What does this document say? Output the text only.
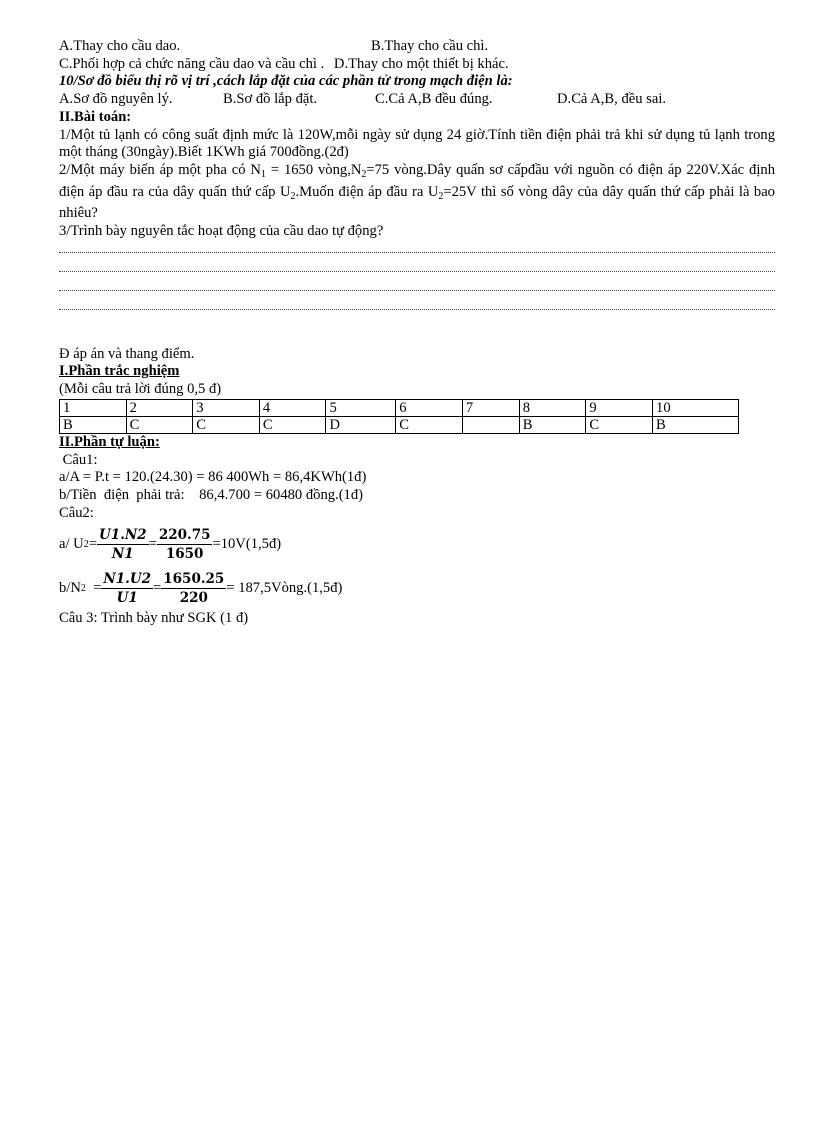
A.Thay cho cầu dao.	B.Thay cho cầu chì.
C.Phối hợp cả chức năng cầu dao và cầu chì . D.Thay cho một thiết bị khác.
10/Sơ đồ biểu thị rõ vị trí ,cách lắp đặt của các phần tử trong mạch điện là:
A.Sơ đồ nguyên lý.	B.Sơ đồ lắp đặt.	C.Cả A,B đều đúng.	D.Cả A,B, đều sai.

II.Bài toán:
1/Một tủ lạnh có công suất định mức là 120W,mỗi ngày sử dụng 24 giờ.Tính tiền điện phải trả khi sử dụng tủ lạnh trong một tháng (30ngày).Biết 1KWh giá 700đồng.(2đ)
2/Một máy biến áp một pha có $N_1 = 1650$ $vòng,N_2=75$ vòng.Dây quấn sơ cấpđầu với nguồn có điện áp 220V.Xác định điện áp đầu ra của dây quấn thứ cấp $U_2.Muốn$ điện áp đầu ra $U_2=25V$ thì số vòng dây của dây quấn thứ cấp phải là bao nhiêu?
3/Trình bày nguyên tắc hoạt động của cầu dao tự động?
Đ áp án và thang điểm.
I.Phần trắc nghiệm
(Mỗi câu trả lời đúng 0,5 đ)
1	2	3	4	5	6	7	8	9	10
B	C	C	C	D	C		B	C	B
II.Phần tự luận:
Câu1:
a/A = P.t = 120.(24.30) = 86 400Wh = 86,4KWh(1đ)
b/Tiền  điện  phải trả:    86,4.700 = 60480 đồng.(1đ)
Câu2:
a/ U $2 = \frac{U1.N2}{N1} = \frac{220.75}{1650}$ =10V(1,5đ)
b/N $2 = \frac{N1.U2}{U1} = \frac{1650.25}{220}$ = 187,5Vòng.(1,5đ)
Câu 3: Trình bày như SGK (1 đ)
